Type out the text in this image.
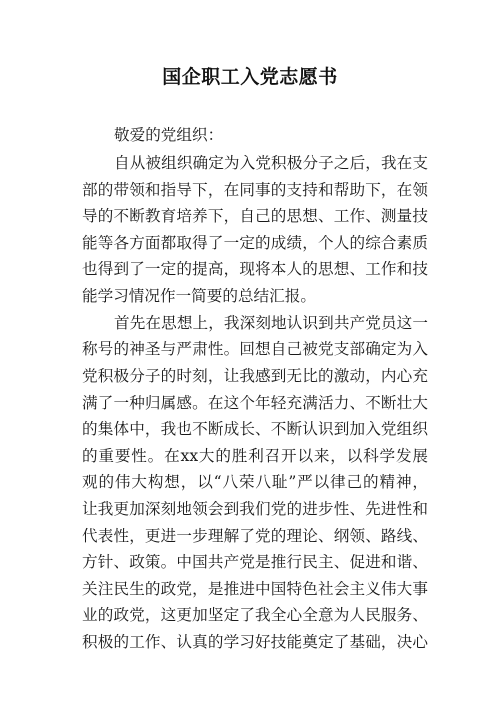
国企职工入党志愿书
敬爱的党组织：
自从被组织确定为入党积极分子之后，我在支
部的带领和指导下，在同事的支持和帮助下，在领
导的不断教育培养下，自己的思想、工作、测量技
能等各方面都取得了一定的成绩，个人的综合素质
也得到了一定的提高，现将本人的思想、工作和技
能学习情况作一简要的总结汇报。
首先在思想上，我深刻地认识到共产党员这一
称号的神圣与严肃性。回想自己被党支部确定为入
党积极分子的时刻，让我感到无比的激动，内心充
满了一种归属感。在这个年轻充满活力、不断壮大
的集体中，我也不断成长、不断认识到加入党组织
的重要性。在xx大的胜利召开以来，以科学发展
观的伟大构想，以“八荣八耻”严以律己的精神，
让我更加深刻地领会到我们党的进步性、先进性和
代表性，更进一步理解了党的理论、纲领、路线、
方针、政策。中国共产党是推行民主、促进和谐、
关注民生的政党，是推进中国特色社会主义伟大事
业的政党，这更加坚定了我全心全意为人民服务、
积极的工作、认真的学习好技能奠定了基础，决心
